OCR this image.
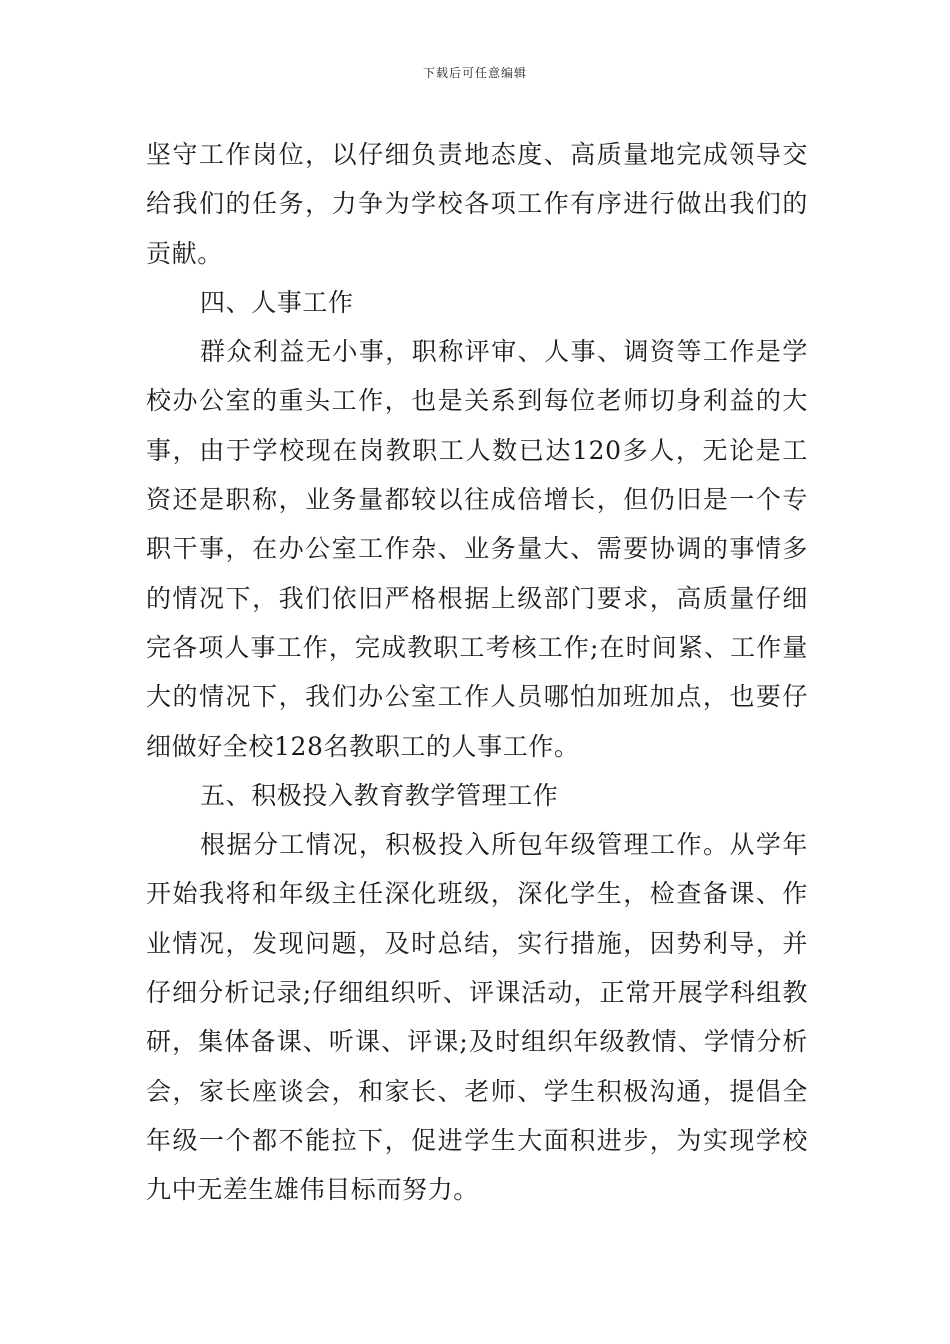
下载后可任意编辑

坚守工作岗位，以仔细负责地态度、高质量地完成领导交给我们的任务，力争为学校各项工作有序进行做出我们的贡献。

四、人事工作

群众利益无小事，职称评审、人事、调资等工作是学校办公室的重头工作，也是关系到每位老师切身利益的大事，由于学校现在岗教职工人数已达120多人，无论是工资还是职称，业务量都较以往成倍增长，但仍旧是一个专职干事，在办公室工作杂、业务量大、需要协调的事情多的情况下，我们依旧严格根据上级部门要求，高质量仔细完各项人事工作，完成教职工考核工作;在时间紧、工作量大的情况下，我们办公室工作人员哪怕加班加点，也要仔细做好全校128名教职工的人事工作。

五、积极投入教育教学管理工作

根据分工情况，积极投入所包年级管理工作。从学年开始我将和年级主任深化班级，深化学生，检查备课、作业情况，发现问题，及时总结，实行措施，因势利导，并仔细分析记录;仔细组织听、评课活动，正常开展学科组教研，集体备课、听课、评课;及时组织年级教情、学情分析会，家长座谈会，和家长、老师、学生积极沟通，提倡全年级一个都不能拉下，促进学生大面积进步，为实现学校九中无差生雄伟目标而努力。
